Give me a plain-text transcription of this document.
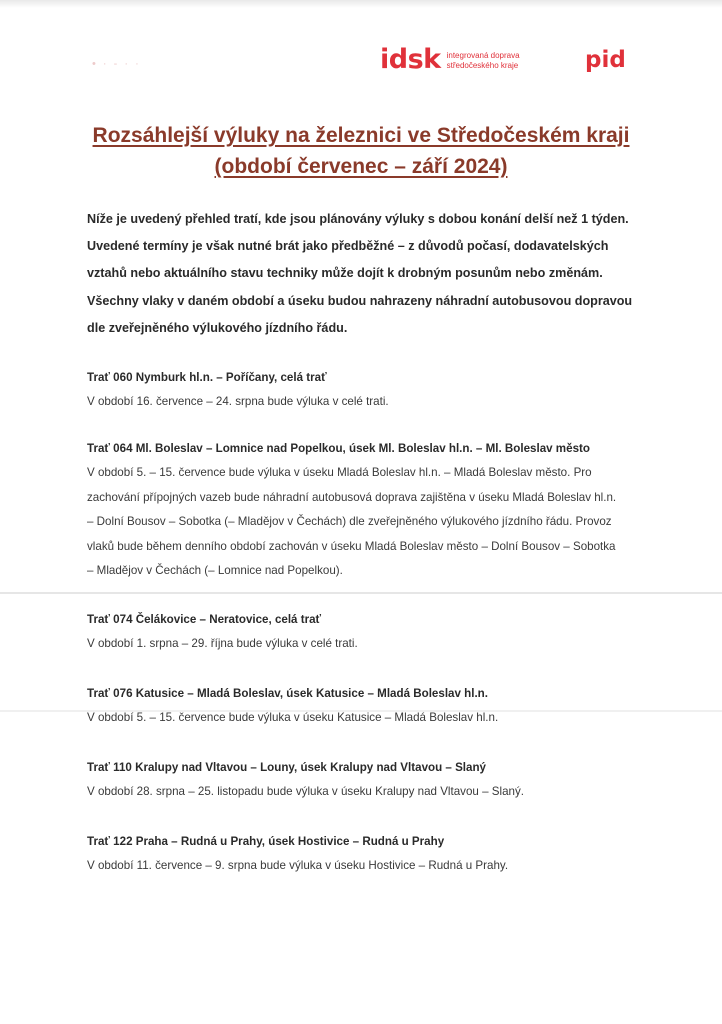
• · - · ·	idsk integrovaná doprava
středočeského kraje	pid
Rozsáhlejší výluky na železnici ve Středočeském kraji
(období červenec – září 2024)

Níže je uvedený přehled tratí, kde jsou plánovány výluky s dobou konání delší než 1 týden.
Uvedené termíny je však nutné brát jako předběžné – z důvodů počasí, dodavatelských
vztahů nebo aktuálního stavu techniky může dojít k drobným posunům nebo změnám.
Všechny vlaky v daném období a úseku budou nahrazeny náhradní autobusovou dopravou
dle zveřejněného výlukového jízdního řádu.

Trať 060 Nymburk hl.n. – Poříčany, celá trať
V období 16. července – 24. srpna bude výluka v celé trati.
Trať 064 Ml. Boleslav – Lomnice nad Popelkou, úsek Ml. Boleslav hl.n. – Ml. Boleslav město
V období 5. – 15. července bude výluka v úseku Mladá Boleslav hl.n. – Mladá Boleslav město. Pro
zachování přípojných vazeb bude náhradní autobusová doprava zajištěna v úseku Mladá Boleslav hl.n.
– Dolní Bousov – Sobotka (– Mladějov v Čechách) dle zveřejněného výlukového jízdního řádu. Provoz
vlaků bude během denního období zachován v úseku Mladá Boleslav město – Dolní Bousov – Sobotka
– Mladějov v Čechách (– Lomnice nad Popelkou).
Trať 074 Čelákovice – Neratovice, celá trať
V období 1. srpna – 29. října bude výluka v celé trati.
Trať 076 Katusice – Mladá Boleslav, úsek Katusice – Mladá Boleslav hl.n.
V období 5. – 15. července bude výluka v úseku Katusice – Mladá Boleslav hl.n.
Trať 110 Kralupy nad Vltavou – Louny, úsek Kralupy nad Vltavou – Slaný
V období 28. srpna – 25. listopadu bude výluka v úseku Kralupy nad Vltavou – Slaný.
Trať 122 Praha – Rudná u Prahy, úsek Hostivice – Rudná u Prahy
V období 11. července – 9. srpna bude výluka v úseku Hostivice – Rudná u Prahy.
